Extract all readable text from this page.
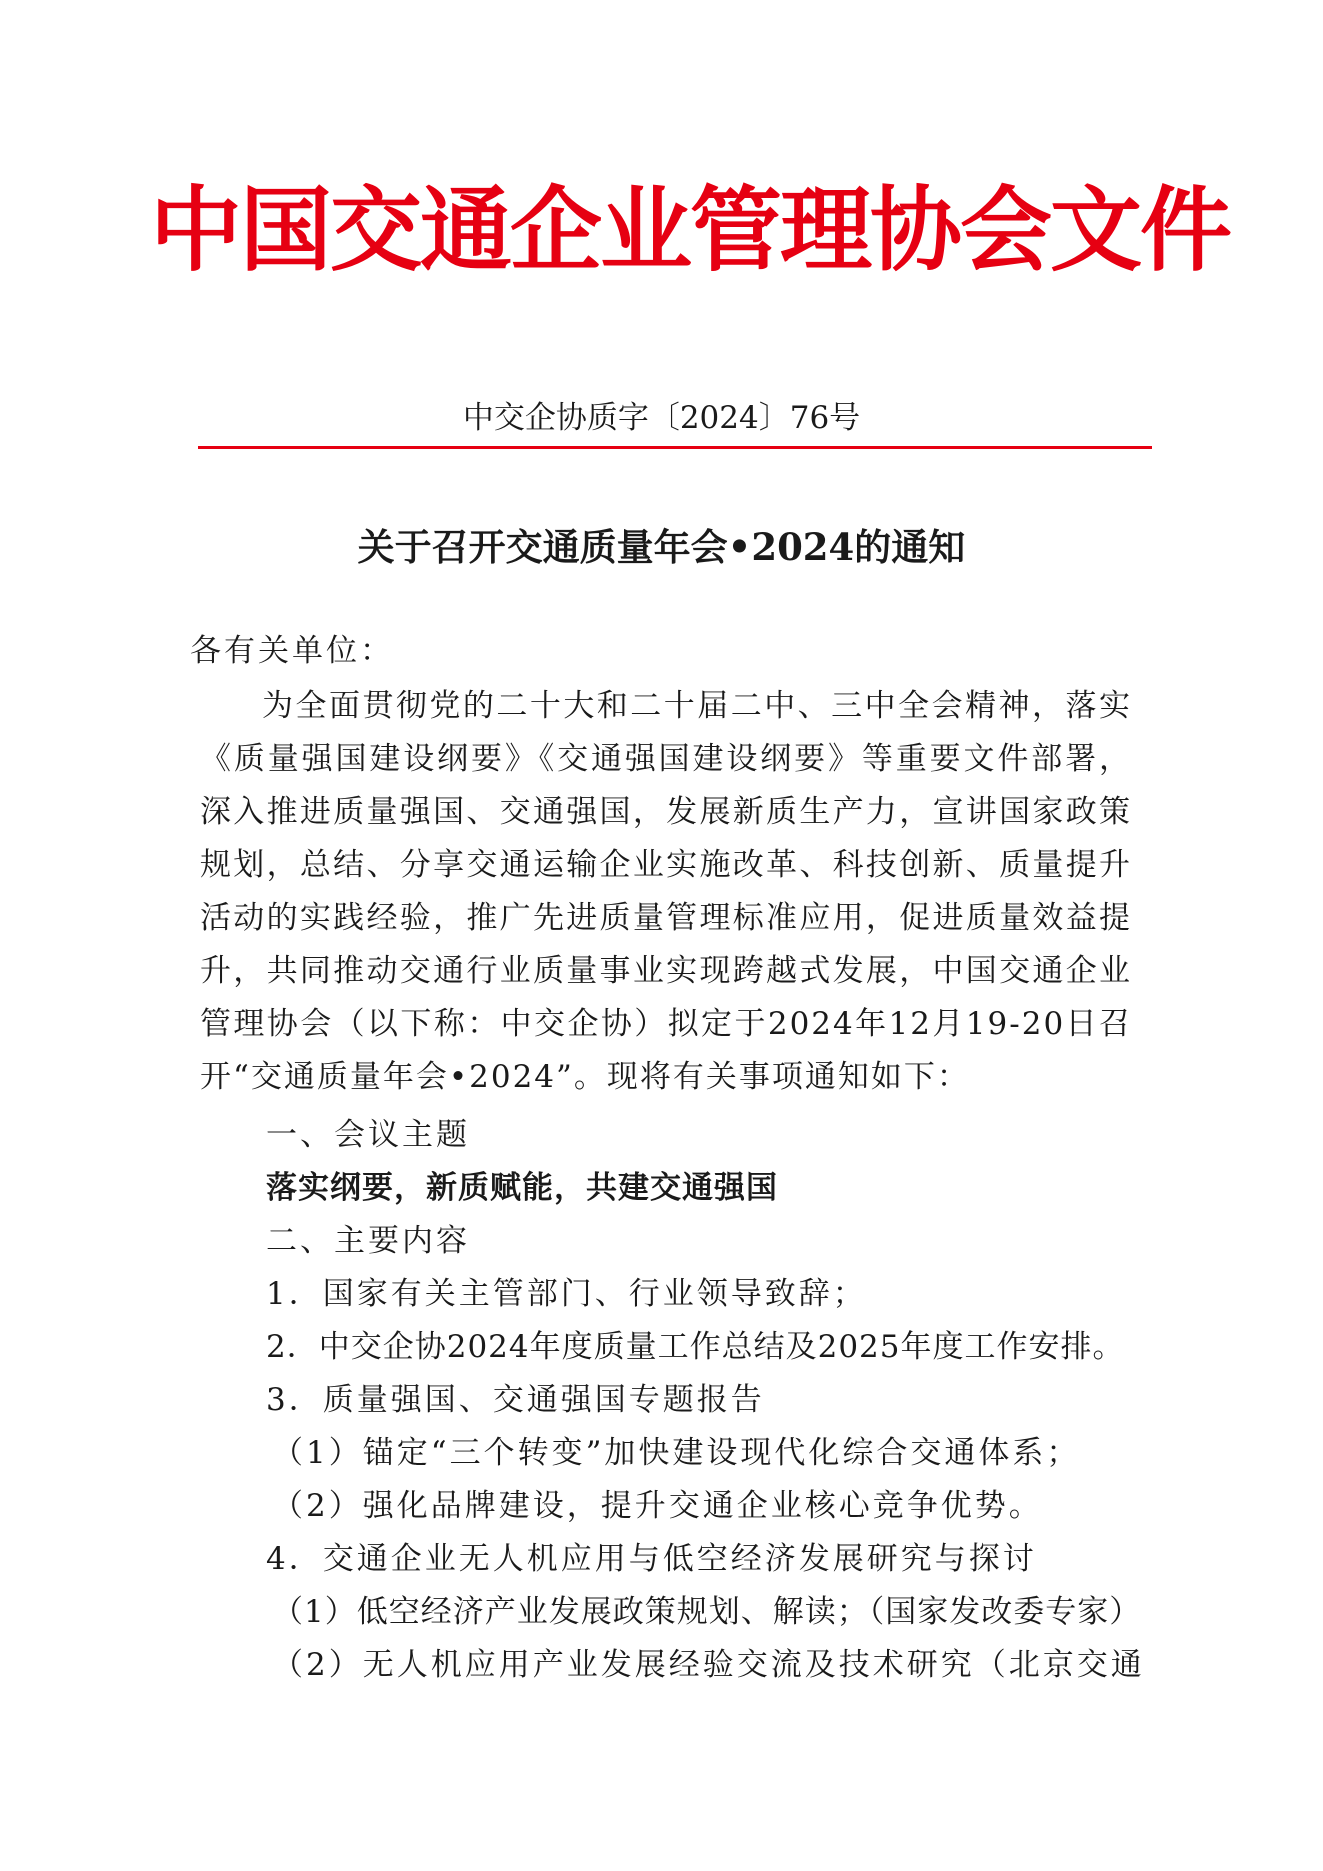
中国交通企业管理协会文件
中交企协质字〔2024〕76号
关于召开交通质量年会•2024的通知
各有关单位：

为全面贯彻党的二十大和二十届二中、三中全会精神，落实《质量强国建设纲要》《交通强国建设纲要》等重要文件部署，深入推进质量强国、交通强国，发展新质生产力，宣讲国家政策规划，总结、分享交通运输企业实施改革、科技创新、质量提升活动的实践经验，推广先进质量管理标准应用，促进质量效益提升，共同推动交通行业质量事业实现跨越式发展，中国交通企业管理协会（以下称：中交企协）拟定于2024年12月19-20日召开“交通质量年会•2024”。现将有关事项通知如下：

一、会议主题
落实纲要，新质赋能，共建交通强国
二、主要内容
1．国家有关主管部门、行业领导致辞；
2．中交企协2024年度质量工作总结及2025年度工作安排。
3．质量强国、交通强国专题报告
（1）锚定“三个转变”加快建设现代化综合交通体系；
（2）强化品牌建设，提升交通企业核心竞争优势。
4．交通企业无人机应用与低空经济发展研究与探讨
（1）低空经济产业发展政策规划、解读；（国家发改委专家）
（2）无人机应用产业发展经验交流及技术研究（北京交通
